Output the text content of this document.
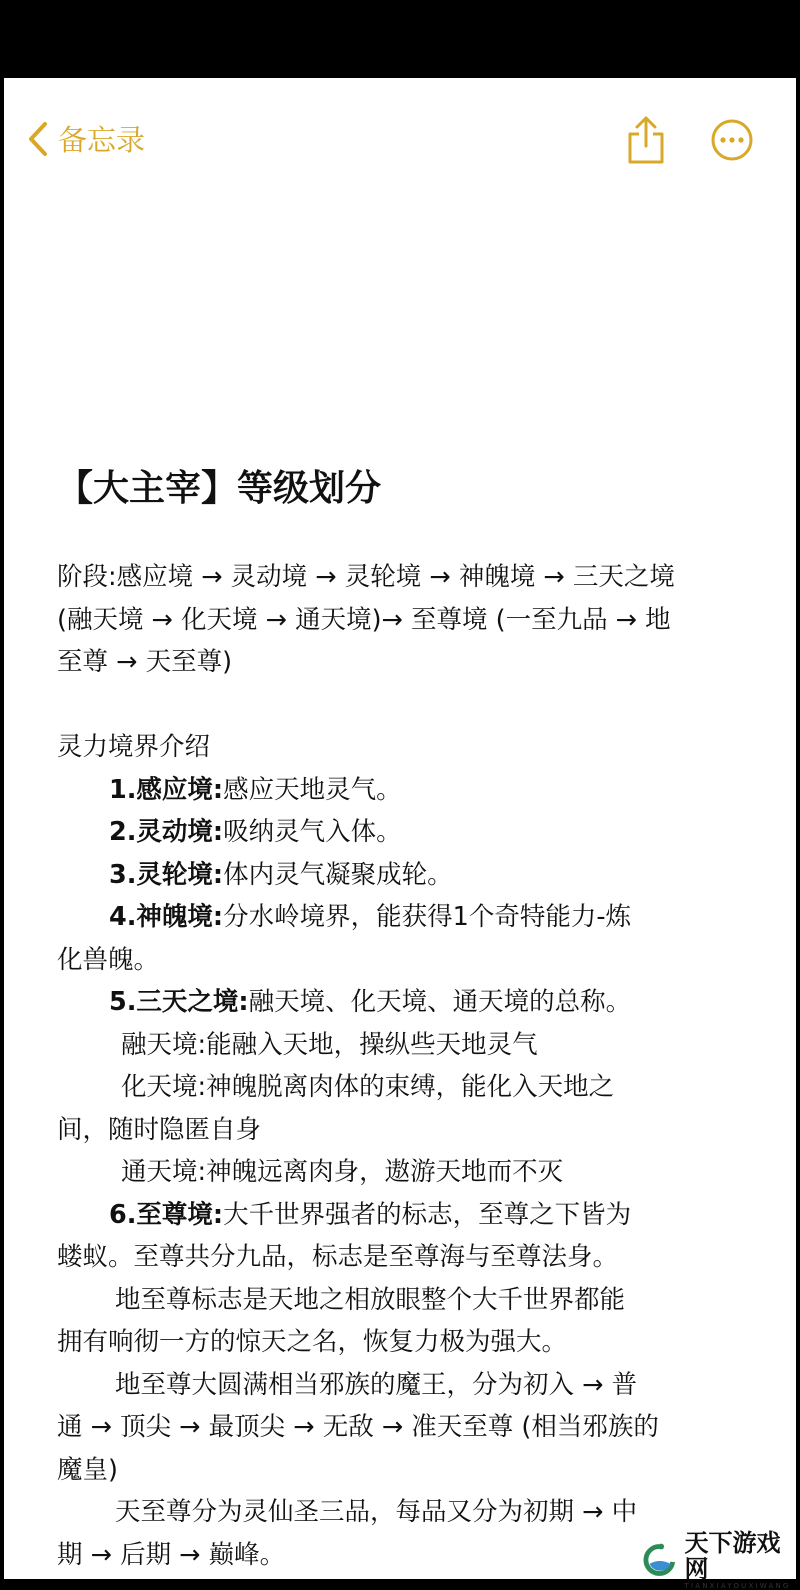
备忘录
【大主宰】等级划分
阶段:感应境 → 灵动境 → 灵轮境 → 神魄境 → 三天之境
(融天境 → 化天境 → 通天境)→ 至尊境 (一至九品 → 地
至尊 → 天至尊)
灵力境界介绍
1.感应境:感应天地灵气。
2.灵动境:吸纳灵气入体。
3.灵轮境:体内灵气凝聚成轮。
4.神魄境:分水岭境界，能获得1个奇特能力-炼
化兽魄。
5.三天之境:融天境、化天境、通天境的总称。
融天境:能融入天地，操纵些天地灵气
化天境:神魄脱离肉体的束缚，能化入天地之
间，随时隐匿自身
通天境:神魄远离肉身，遨游天地而不灭
6.至尊境:大千世界强者的标志，至尊之下皆为
蝼蚁。至尊共分九品，标志是至尊海与至尊法身。
地至尊标志是天地之相放眼整个大千世界都能
拥有响彻一方的惊天之名，恢复力极为强大。
地至尊大圆满相当邪族的魔王，分为初入 → 普
通 → 顶尖 → 最顶尖 → 无敌 → 准天至尊 (相当邪族的
魔皇)
天至尊分为灵仙圣三品，每品又分为初期 → 中
期 → 后期 → 巅峰。	天下游戏网
TIANXIAYOUXIWANG
